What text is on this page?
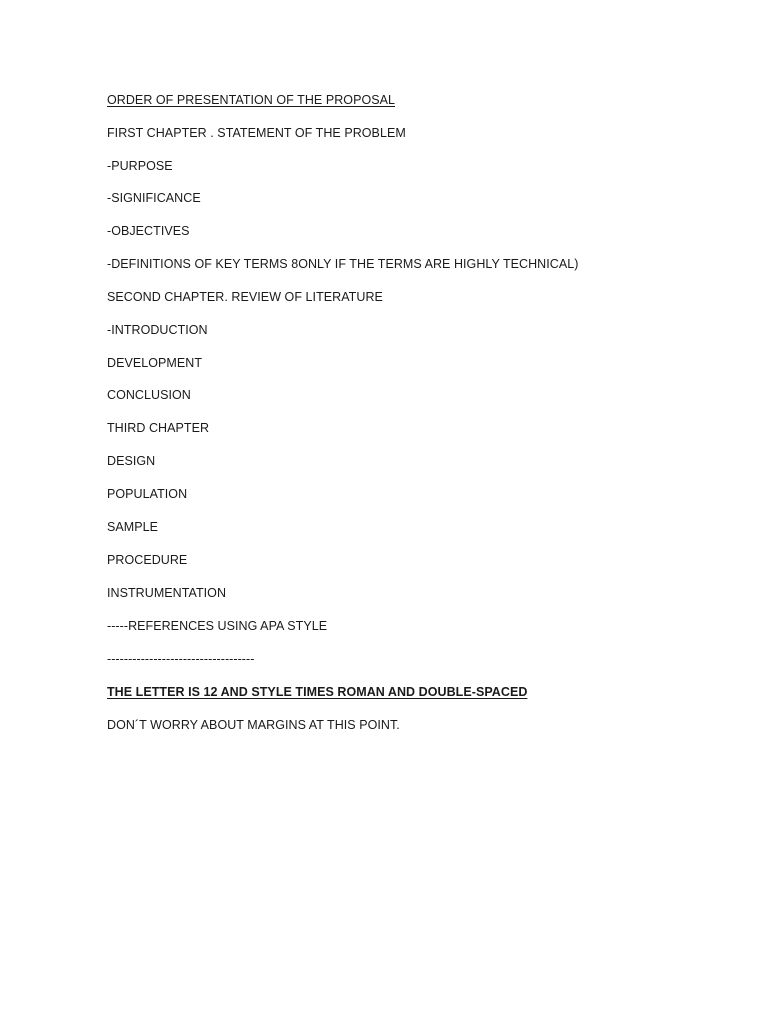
ORDER OF PRESENTATION OF THE PROPOSAL

FIRST CHAPTER . STATEMENT OF THE PROBLEM

-PURPOSE

-SIGNIFICANCE

-OBJECTIVES

-DEFINITIONS OF KEY TERMS 8ONLY IF THE TERMS ARE HIGHLY TECHNICAL)

SECOND CHAPTER. REVIEW OF LITERATURE

-INTRODUCTION

DEVELOPMENT

CONCLUSION

THIRD CHAPTER

DESIGN

POPULATION

SAMPLE

PROCEDURE

INSTRUMENTATION

-----REFERENCES USING APA STYLE

-----------------------------------

THE LETTER IS 12 AND STYLE TIMES ROMAN AND DOUBLE-SPACED

DON´T WORRY ABOUT MARGINS AT THIS POINT.
